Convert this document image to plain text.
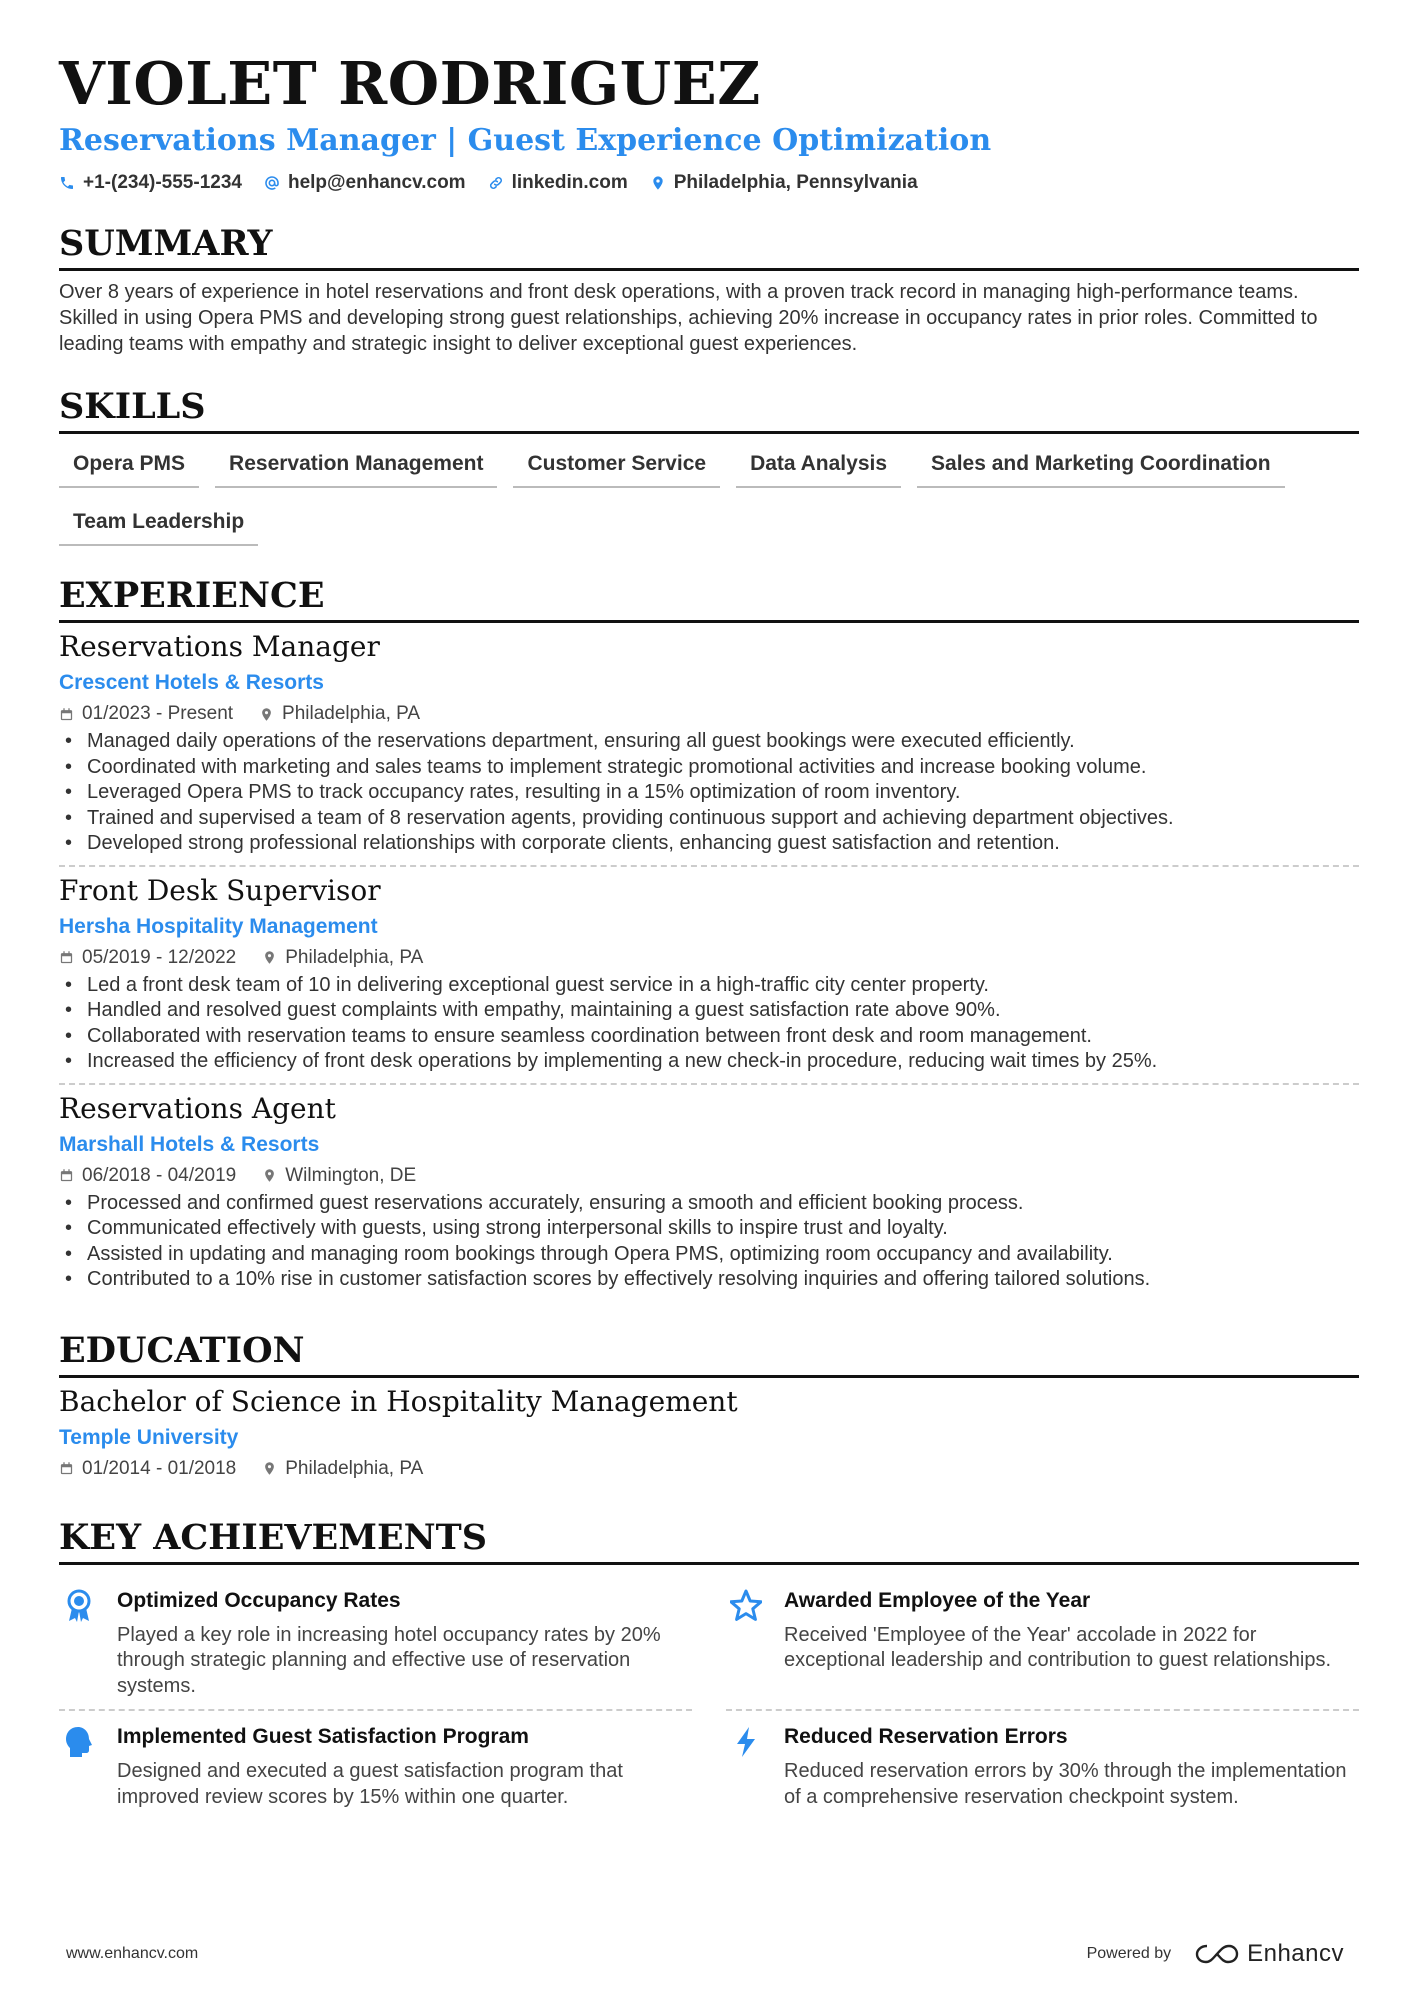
VIOLET RODRIGUEZ
Reservations Manager | Guest Experience Optimization
+1-(234)-555-1234 help@enhancv.com linkedin.com Philadelphia, Pennsylvania
SUMMARY
Over 8 years of experience in hotel reservations and front desk operations, with a proven track record in managing high-performance teams. Skilled in using Opera PMS and developing strong guest relationships, achieving 20% increase in occupancy rates in prior roles. Committed to leading teams with empathy and strategic insight to deliver exceptional guest experiences.
SKILLS
Opera PMS	Reservation Management	Customer Service	Data Analysis	Sales and Marketing Coordination
Team Leadership
EXPERIENCE
Reservations Manager
Crescent Hotels & Resorts
01/2023 - Present	Philadelphia, PA
• Managed daily operations of the reservations department, ensuring all guest bookings were executed efficiently.
• Coordinated with marketing and sales teams to implement strategic promotional activities and increase booking volume.
• Leveraged Opera PMS to track occupancy rates, resulting in a 15% optimization of room inventory.
• Trained and supervised a team of 8 reservation agents, providing continuous support and achieving department objectives.
• Developed strong professional relationships with corporate clients, enhancing guest satisfaction and retention.
Front Desk Supervisor
Hersha Hospitality Management
05/2019 - 12/2022	Philadelphia, PA
• Led a front desk team of 10 in delivering exceptional guest service in a high-traffic city center property.
• Handled and resolved guest complaints with empathy, maintaining a guest satisfaction rate above 90%.
• Collaborated with reservation teams to ensure seamless coordination between front desk and room management.
• Increased the efficiency of front desk operations by implementing a new check-in procedure, reducing wait times by 25%.
Reservations Agent
Marshall Hotels & Resorts
06/2018 - 04/2019	Wilmington, DE
• Processed and confirmed guest reservations accurately, ensuring a smooth and efficient booking process.
• Communicated effectively with guests, using strong interpersonal skills to inspire trust and loyalty.
• Assisted in updating and managing room bookings through Opera PMS, optimizing room occupancy and availability.
• Contributed to a 10% rise in customer satisfaction scores by effectively resolving inquiries and offering tailored solutions.
EDUCATION
Bachelor of Science in Hospitality Management
Temple University
01/2014 - 01/2018	Philadelphia, PA
KEY ACHIEVEMENTS
Optimized Occupancy Rates
Played a key role in increasing hotel occupancy rates by 20% through strategic planning and effective use of reservation systems.
Awarded Employee of the Year
Received 'Employee of the Year' accolade in 2022 for exceptional leadership and contribution to guest relationships.
Implemented Guest Satisfaction Program
Designed and executed a guest satisfaction program that improved review scores by 15% within one quarter.
Reduced Reservation Errors
Reduced reservation errors by 30% through the implementation of a comprehensive reservation checkpoint system.
www.enhancv.com	Powered by	Enhancv
